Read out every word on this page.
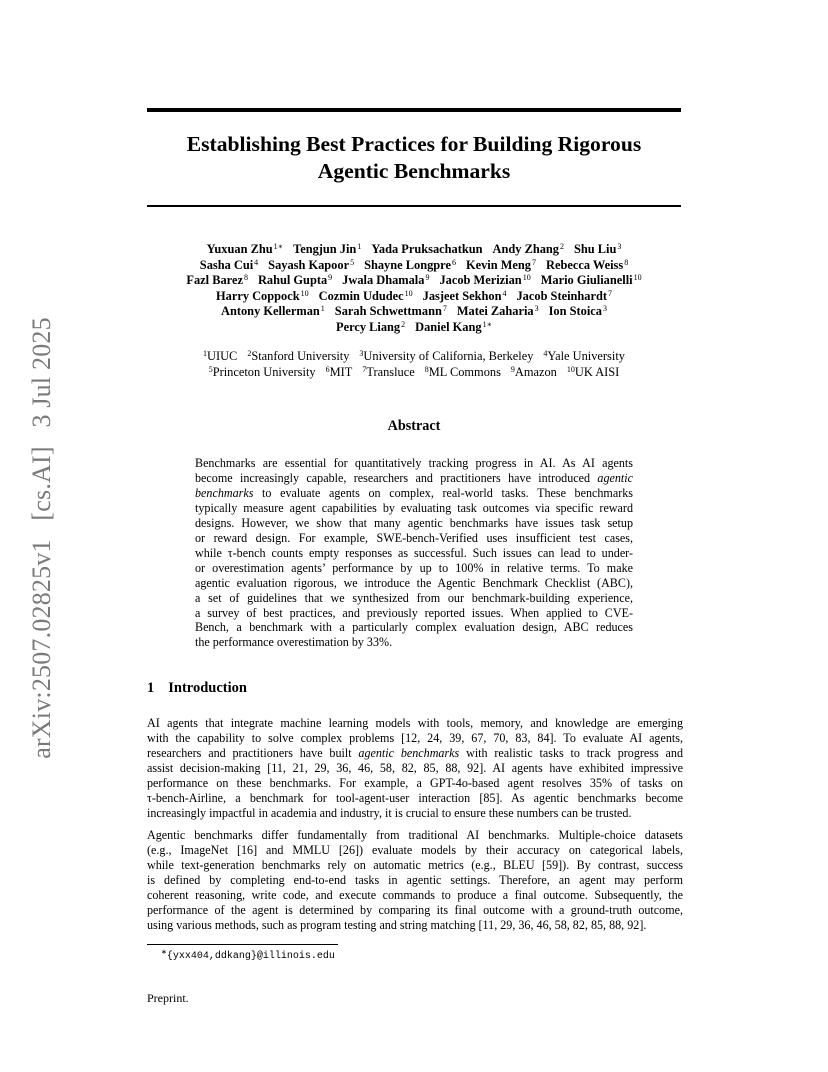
arXiv:2507.02825v1 [cs.AI] 3 Jul 2025
Establishing Best Practices for Building Rigorous
Agentic Benchmarks
Yuxuan Zhu$^{1∗}$ Tengjun Jin$^1$ Yada Pruksachatkun Andy Zhang$^2$ Shu Liu$^3$
Sasha Cui$^4$ Sayash Kapoor$^5$ Shayne Longpre$^6$ Kevin Meng$^7$ Rebecca Weiss$^8$
Fazl Barez$^8$ Rahul Gupta$^9$ Jwala Dhamala$^9$ Jacob Merizian$^{10}$ Mario Giulianelli$^{10}$
Harry Coppock$^{10}$ Cozmin Ududec$^{10}$ Jasjeet Sekhon$^4$ Jacob Steinhardt$^7$
Antony Kellerman$^1$ Sarah Schwettmann$^7$ Matei Zaharia$^3$ Ion Stoica$^3$
Percy Liang$^2$ Daniel Kang$^{1∗}$
$^1$UIUC $^2$Stanford University $^3$University of California, Berkeley $^4$Yale University
$^5$Princeton University $^6$MIT $^7$Transluce $^8$ML Commons $^9$Amazon $^{10}$UK AISI
Abstract
Benchmarks are essential for quantitatively tracking progress in AI. As AI agents
become increasingly capable, researchers and practitioners have introduced agentic
benchmarks to evaluate agents on complex, real-world tasks. These benchmarks
typically measure agent capabilities by evaluating task outcomes via specific reward
designs. However, we show that many agentic benchmarks have issues task setup
or reward design. For example, SWE-bench-Verified uses insufficient test cases,
while τ-bench counts empty responses as successful. Such issues can lead to under-
or overestimation agents’ performance by up to 100% in relative terms. To make
agentic evaluation rigorous, we introduce the Agentic Benchmark Checklist (ABC),
a set of guidelines that we synthesized from our benchmark-building experience,
a survey of best practices, and previously reported issues. When applied to CVE-
Bench, a benchmark with a particularly complex evaluation design, ABC reduces
the performance overestimation by 33%.
1 Introduction
AI agents that integrate machine learning models with tools, memory, and knowledge are emerging
with the capability to solve complex problems [12, 24, 39, 67, 70, 83, 84]. To evaluate AI agents,
researchers and practitioners have built agentic benchmarks with realistic tasks to track progress and
assist decision-making [11, 21, 29, 36, 46, 58, 82, 85, 88, 92]. AI agents have exhibited impressive
performance on these benchmarks. For example, a GPT-4o-based agent resolves 35% of tasks on
τ-bench-Airline, a benchmark for tool-agent-user interaction [85]. As agentic benchmarks become
increasingly impactful in academia and industry, it is crucial to ensure these numbers can be trusted.
Agentic benchmarks differ fundamentally from traditional AI benchmarks. Multiple-choice datasets
(e.g., ImageNet [16] and MMLU [26]) evaluate models by their accuracy on categorical labels,
while text-generation benchmarks rely on automatic metrics (e.g., BLEU [59]). By contrast, success
is defined by completing end-to-end tasks in agentic settings. Therefore, an agent may perform
coherent reasoning, write code, and execute commands to produce a final outcome. Subsequently, the
performance of the agent is determined by comparing its final outcome with a ground-truth outcome,
using various methods, such as program testing and string matching [11, 29, 36, 46, 58, 82, 85, 88, 92].
∗{yxx404,ddkang}@illinois.edu
Preprint.
